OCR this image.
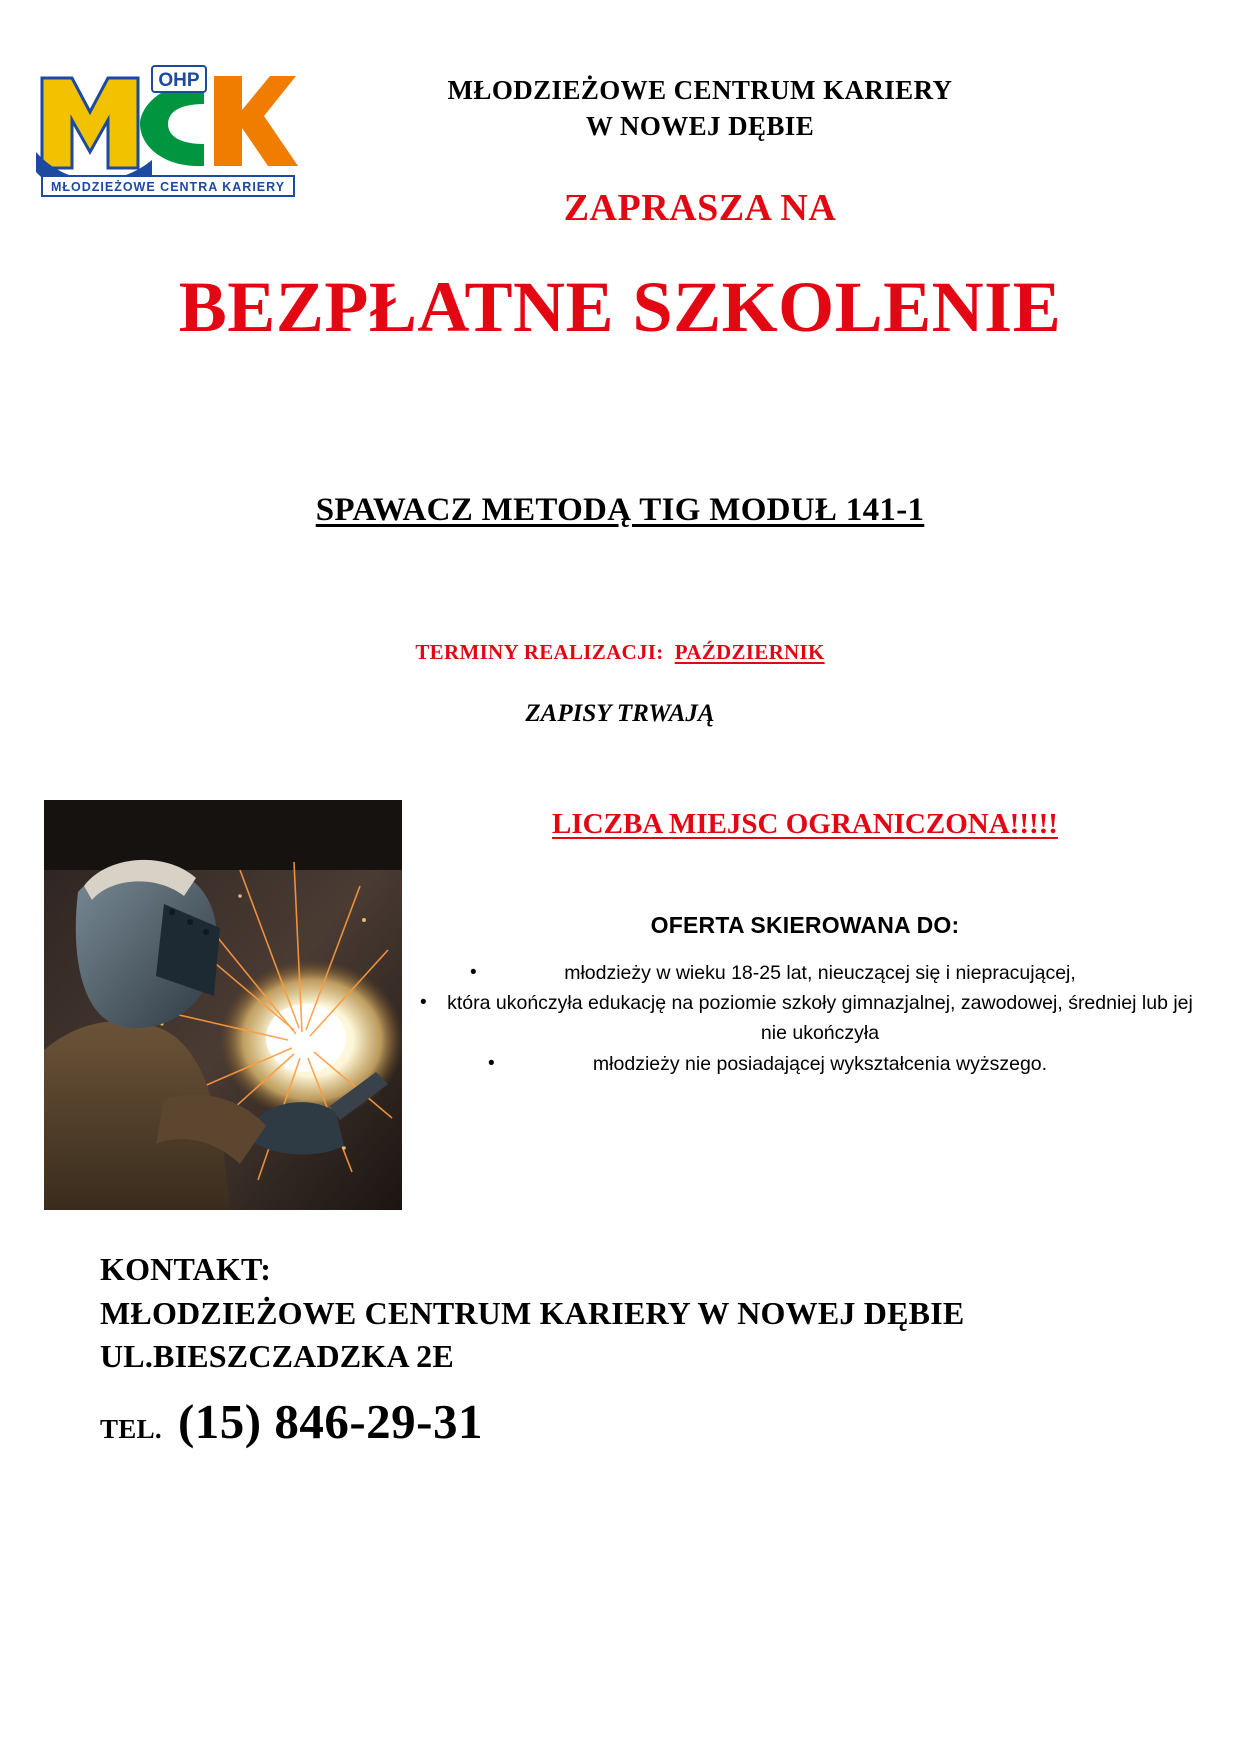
OHP
MŁODZIEŻOWE CENTRA KARIERY
MŁODZIEŻOWE CENTRUM KARIERY
W NOWEJ DĘBIE
ZAPRASZA NA
BEZPŁATNE SZKOLENIE
SPAWACZ METODĄ TIG MODUŁ 141-1
TERMINY REALIZACJI: PAŹDZIERNIK
ZAPISY TRWAJĄ
LICZBA MIEJSC OGRANICZONA!!!!!
OFERTA SKIEROWANA DO:
•	młodzieży w wieku 18-25 lat, nieuczącej się i niepracującej,
•	która ukończyła edukację na poziomie szkoły gimnazjalnej, zawodowej, średniej lub jej nie ukończyła
•	młodzieży nie posiadającej wykształcenia wyższego.
KONTAKT:
MŁODZIEŻOWE CENTRUM KARIERY W NOWEJ DĘBIE
UL.BIESZCZADZKA 2E
TEL. (15) 846-29-31
